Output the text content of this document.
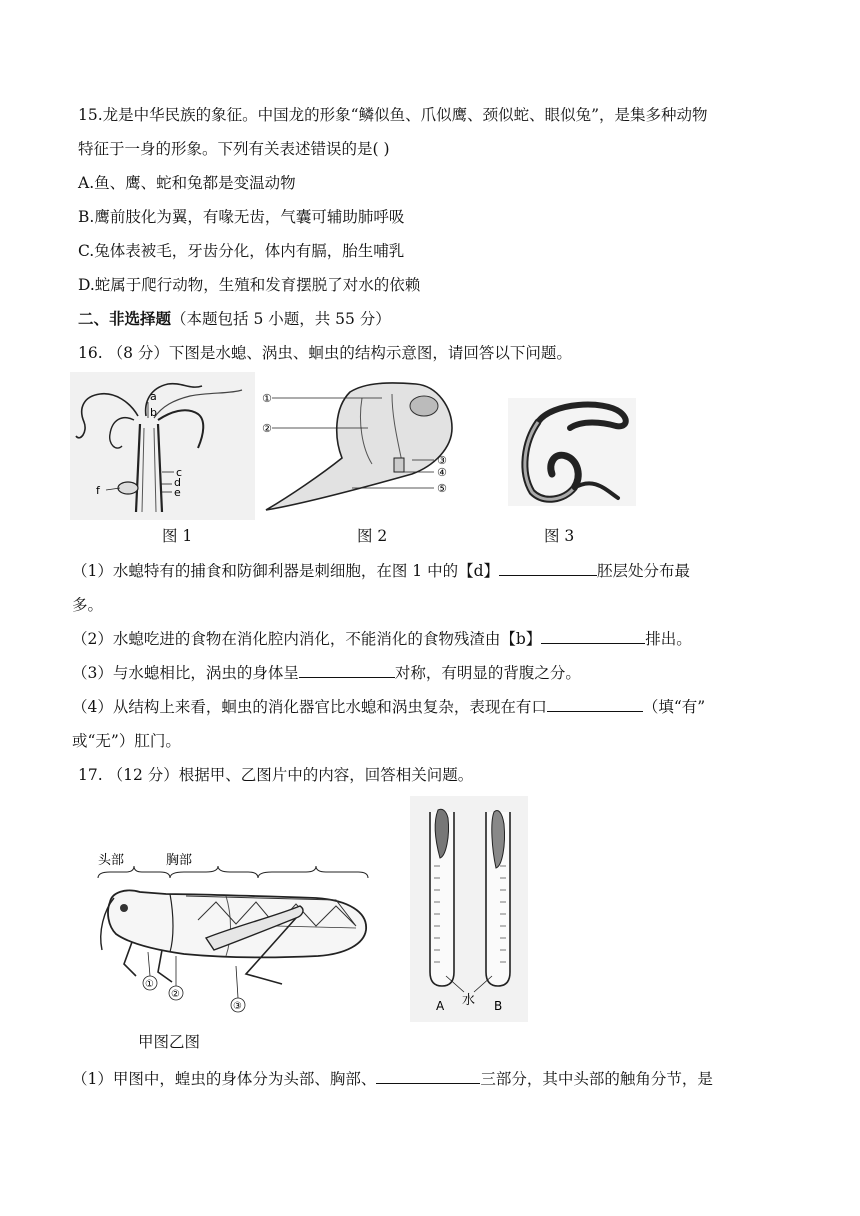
15.龙是中华民族的象征。中国龙的形象“鳞似鱼、爪似鹰、颈似蛇、眼似兔”，是集多种动物
特征于一身的形象。下列有关表述错误的是( )
A.鱼、鹰、蛇和兔都是变温动物
B.鹰前肢化为翼，有喙无齿，气囊可辅助肺呼吸
C.兔体表被毛，牙齿分化，体内有膈，胎生哺乳
D.蛇属于爬行动物，生殖和发育摆脱了对水的依赖
二、非选择题（本题包括 5 小题，共 55 分）
16. （8 分）下图是水螅、涡虫、蛔虫的结构示意图，请回答以下问题。
a
b
c
d
e
f
①
②
③
④
⑤
图 1	图 2	图 3
（1）水螅特有的捕食和防御利器是刺细胞，在图 1 中的【d】	胚层处分布最
多。
（2）水螅吃进的食物在消化腔内消化，不能消化的食物残渣由【b】	排出。
（3）与水螅相比，涡虫的身体呈	对称，有明显的背腹之分。
（4）从结构上来看，蛔虫的消化器官比水螅和涡虫复杂，表现在有口	（填“有”
或“无”）肛门。
17. （12 分）根据甲、乙图片中的内容，回答相关问题。
头部	胸部
①
②
③	A 水 B
甲图乙图
（1）甲图中，蝗虫的身体分为头部、胸部、	三部分，其中头部的触角分节，是
